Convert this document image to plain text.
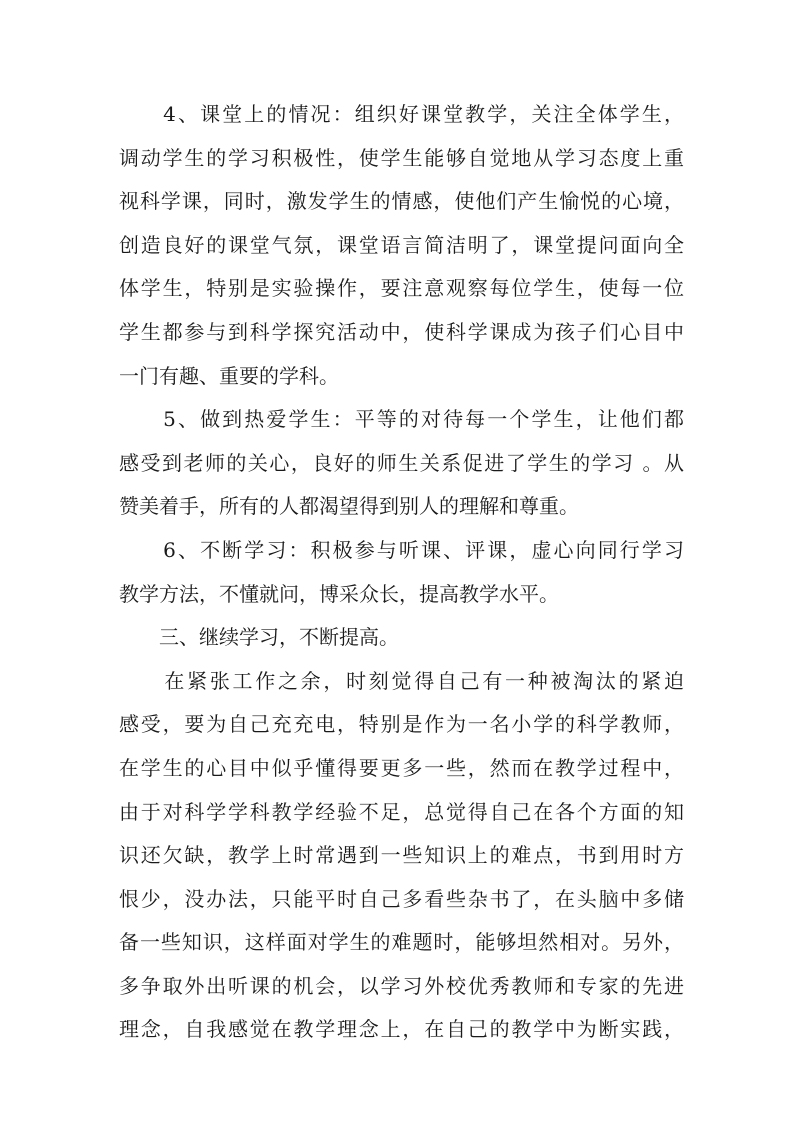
　　4、课堂上的情况：组织好课堂教学，关注全体学生，
调动学生的学习积极性，使学生能够自觉地从学习态度上重
视科学课，同时，激发学生的情感，使他们产生愉悦的心境，
创造良好的课堂气氛，课堂语言简洁明了，课堂提问面向全
体学生，特别是实验操作，要注意观察每位学生，使每一位
学生都参与到科学探究活动中，使科学课成为孩子们心目中
一门有趣、重要的学科。
　　5、做到热爱学生：平等的对待每一个学生，让他们都
感受到老师的关心，良好的师生关系促进了学生的学习 。从
赞美着手，所有的人都渴望得到别人的理解和尊重。
　　6、不断学习：积极参与听课、评课，虚心向同行学习
教学方法，不懂就问，博采众长，提高教学水平。
　　三、继续学习，不断提高。
　　在紧张工作之余，时刻觉得自己有一种被淘汰的紧迫
感受，要为自己充充电，特别是作为一名小学的科学教师，
在学生的心目中似乎懂得要更多一些，然而在教学过程中，
由于对科学学科教学经验不足，总觉得自己在各个方面的知
识还欠缺，教学上时常遇到一些知识上的难点，书到用时方
恨少，没办法，只能平时自己多看些杂书了，在头脑中多储
备一些知识，这样面对学生的难题时，能够坦然相对。另外，
多争取外出听课的机会，以学习外校优秀教师和专家的先进
理念，自我感觉在教学理念上，在自己的教学中为断实践，
